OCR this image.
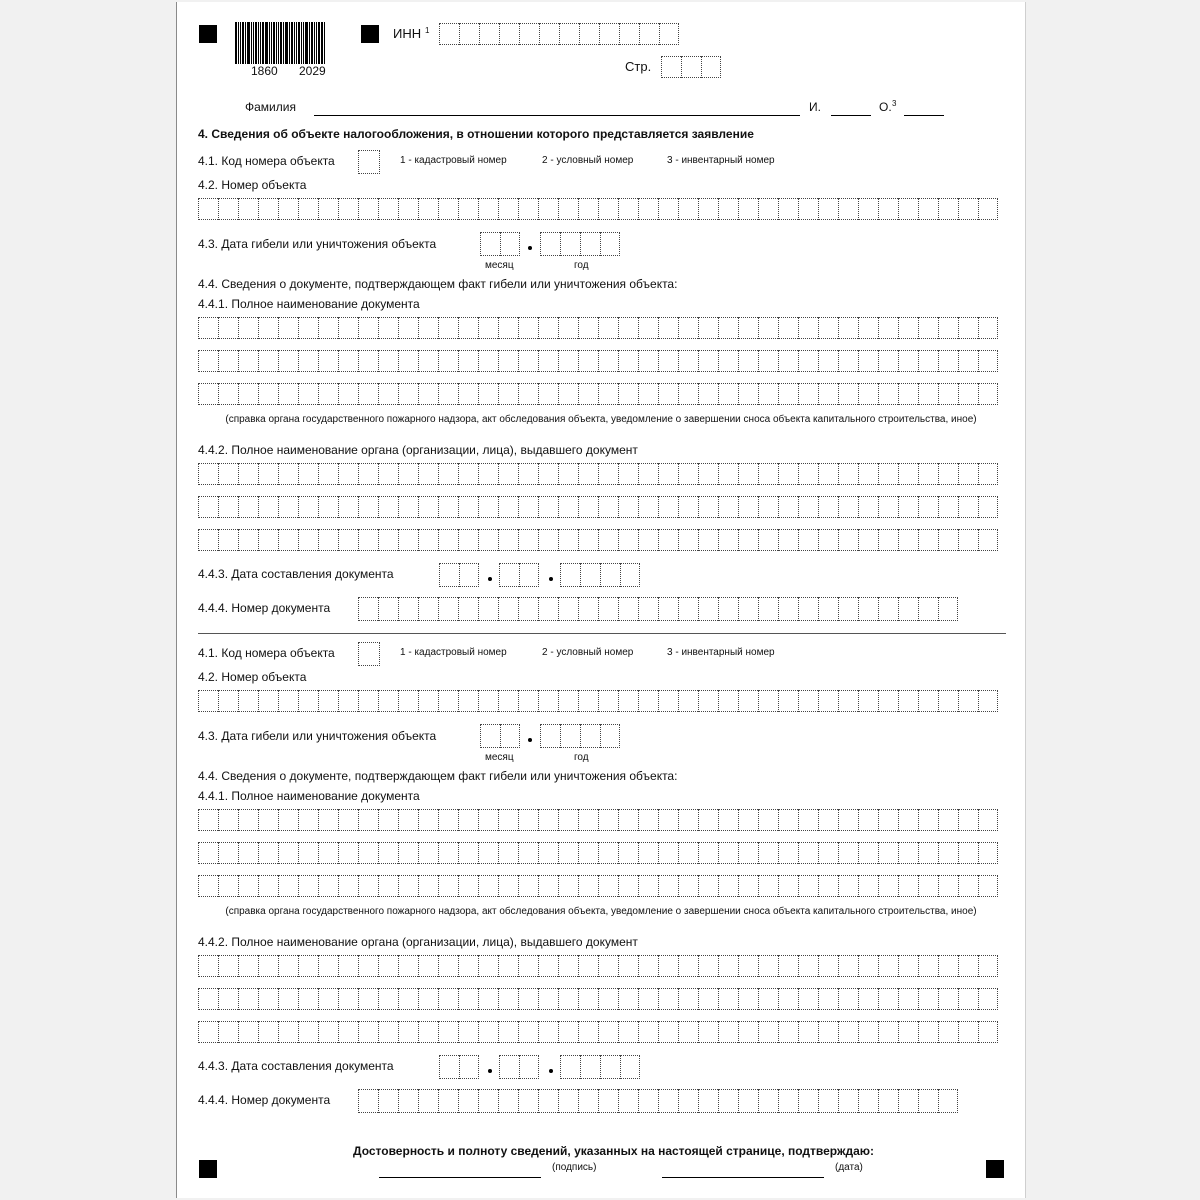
1860 2029
ИНН 1
Стр.
Фамилия	И.	О. 3
4. Сведения об объекте налогообложения, в отношении которого представляется заявление
4.1. Код номера объекта	1 - кадастровый номер	2 - условный номер	3 - инвентарный номер
4.2. Номер объекта
4.3. Дата гибели или уничтожения объекта
месяц	год
4.4. Сведения о документе, подтверждающем факт гибели или уничтожения объекта:
4.4.1. Полное наименование документа
(справка органа государственного пожарного надзора, акт обследования объекта, уведомление о завершении сноса объекта капитального строительства, иное)
4.4.2. Полное наименование органа (организации, лица), выдавшего документ
4.4.3. Дата составления документа
4.4.4. Номер документа
4.1. Код номера объекта	1 - кадастровый номер	2 - условный номер	3 - инвентарный номер
4.2. Номер объекта
4.3. Дата гибели или уничтожения объекта
месяц	год
4.4. Сведения о документе, подтверждающем факт гибели или уничтожения объекта:
4.4.1. Полное наименование документа
(справка органа государственного пожарного надзора, акт обследования объекта, уведомление о завершении сноса объекта капитального строительства, иное)
4.4.2. Полное наименование органа (организации, лица), выдавшего документ
4.4.3. Дата составления документа
4.4.4. Номер документа
Достоверность и полноту сведений, указанных на настоящей странице, подтверждаю:
(подпись)	(дата)
